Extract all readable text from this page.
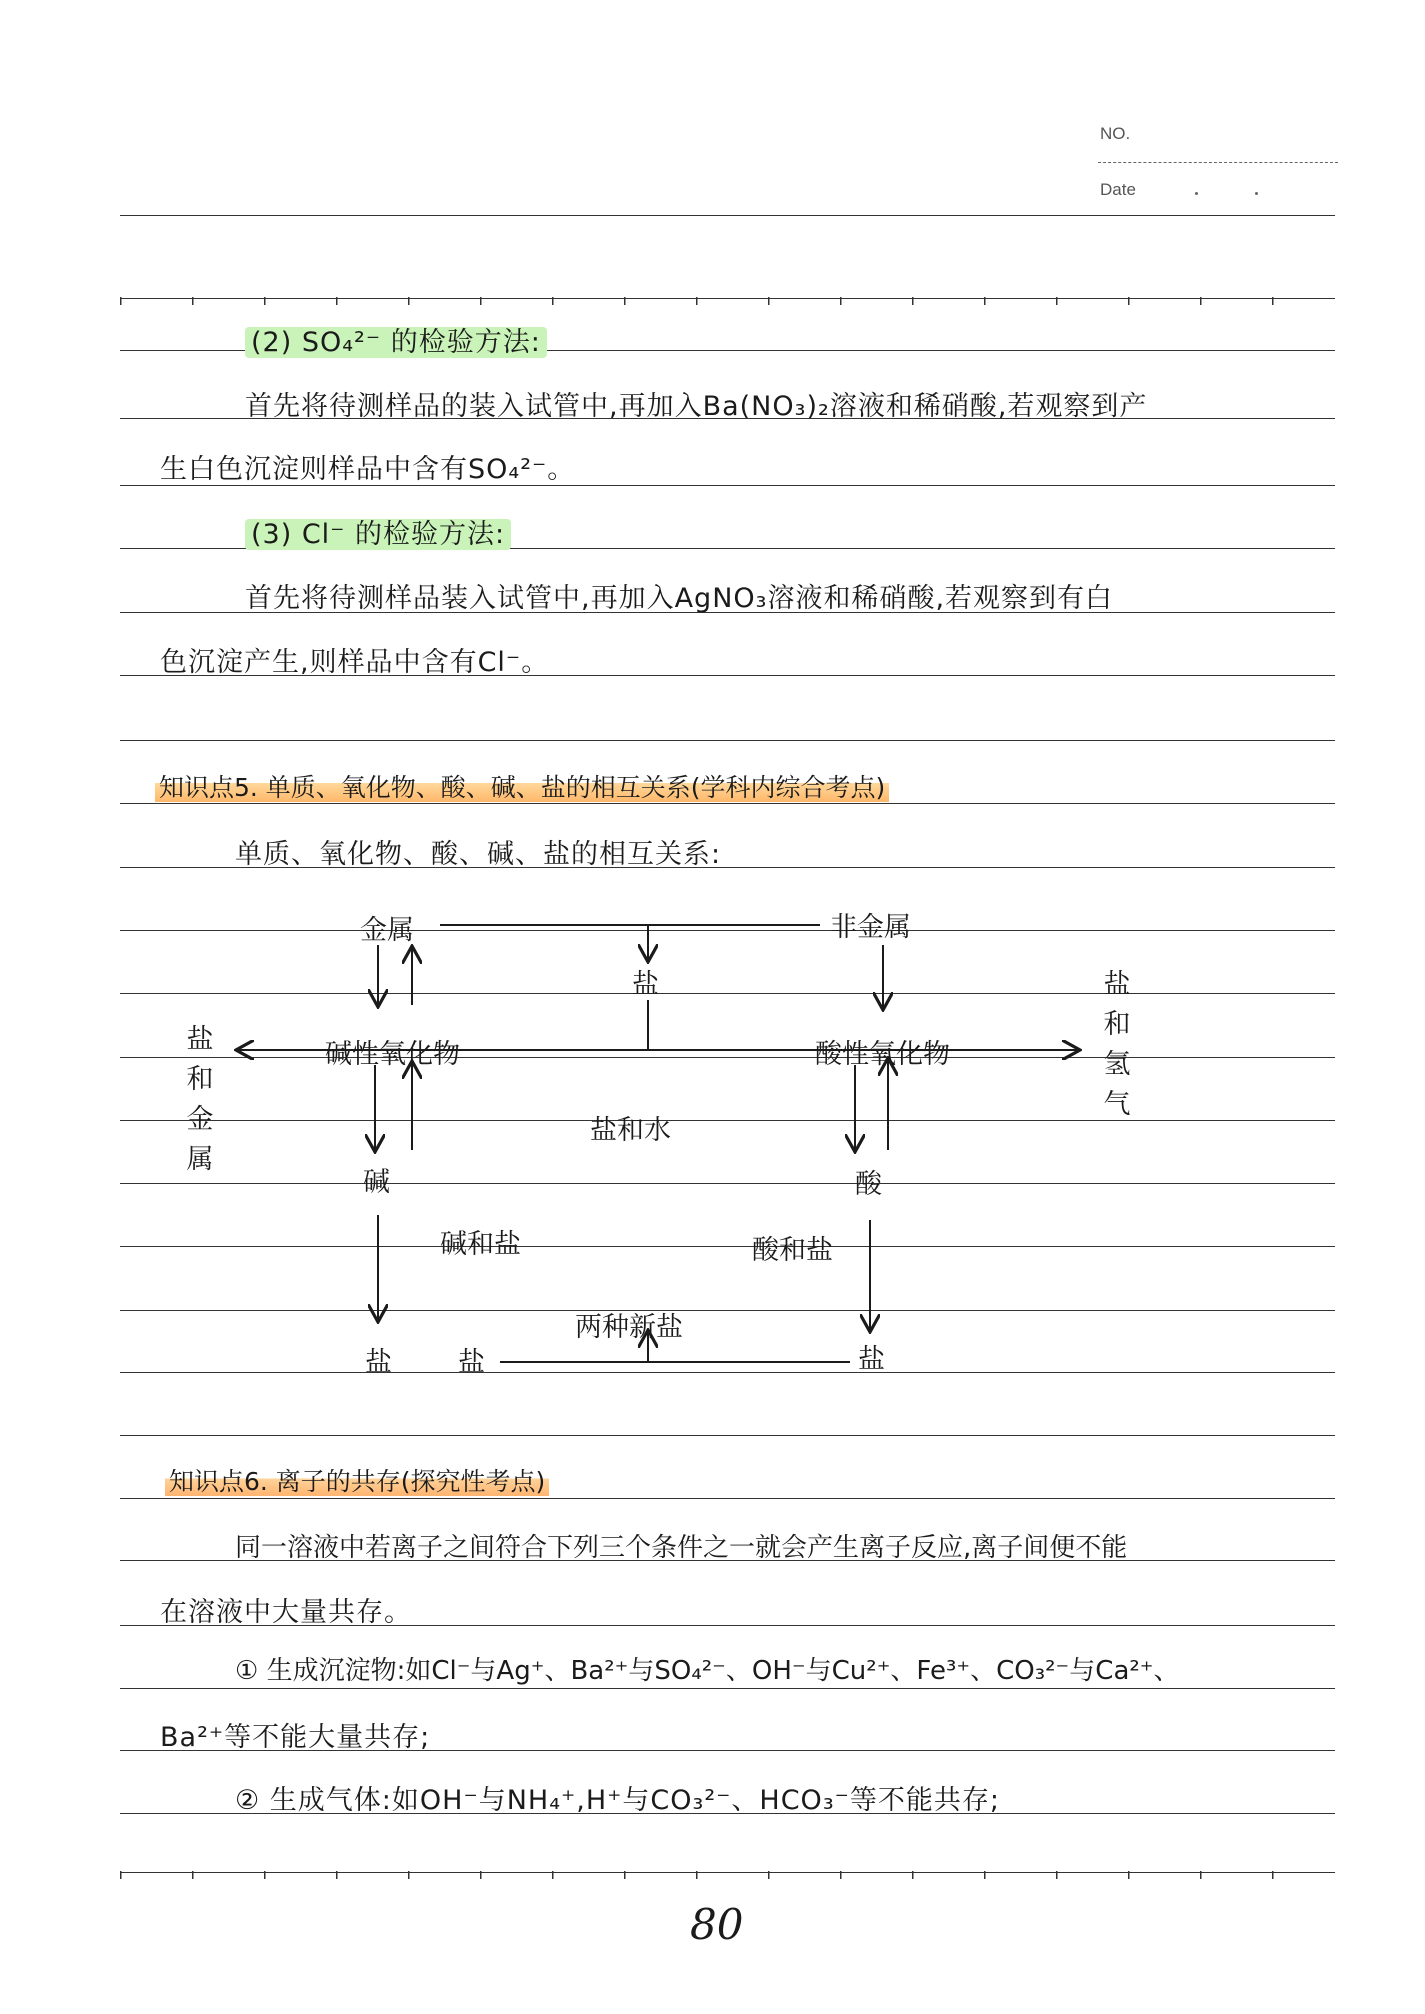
NO.
Date
(2) SO₄²⁻ 的检验方法:
首先将待测样品的装入试管中,再加入Ba(NO₃)₂溶液和稀硝酸,若观察到产
生白色沉淀则样品中含有SO₄²⁻。
(3) Cl⁻ 的检验方法:
首先将待测样品装入试管中,再加入AgNO₃溶液和稀硝酸,若观察到有白
色沉淀产生,则样品中含有Cl⁻。
知识点5. 单质、氧化物、酸、碱、盐的相互关系(学科内综合考点)
单质、氧化物、酸、碱、盐的相互关系:
金属	非金属
盐
碱性氧化物	酸性氧化物
盐和金属
盐和氢气
盐和水
碱	酸
碱和盐	酸和盐
两种新盐
盐 盐	盐
知识点6. 离子的共存(探究性考点)
同一溶液中若离子之间符合下列三个条件之一就会产生离子反应,离子间便不能
在溶液中大量共存。
① 生成沉淀物:如Cl⁻与Ag⁺、Ba²⁺与SO₄²⁻、OH⁻与Cu²⁺、Fe³⁺、CO₃²⁻与Ca²⁺、
Ba²⁺等不能大量共存;
② 生成气体:如OH⁻与NH₄⁺,H⁺与CO₃²⁻、HCO₃⁻等不能共存;
80
